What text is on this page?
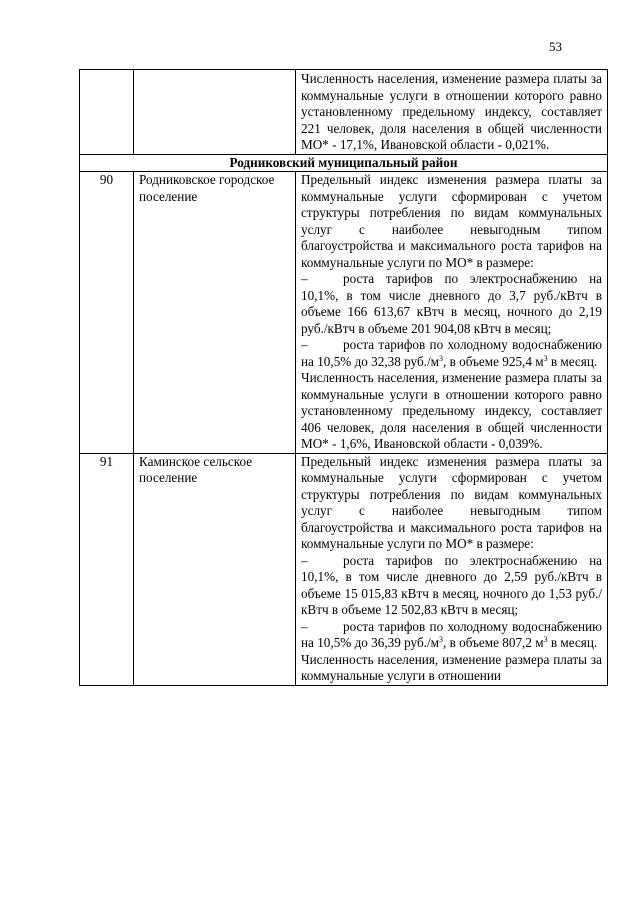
53

		Численность населения, изменение размера платы за коммунальные услуги в отношении которого равно установленному предельному индексу, составляет 221 человек, доля населения в общей численности МО* - 17,1%, Ивановской области - 0,021%.

Родниковский муниципальный район		
90	Родниковское городское поселение	Предельный индекс изменения размера платы за коммунальные услуги сформирован с учетом структуры потребления по видам коммунальных услуг с наиболее невыгодным типом благоустройства и максимального роста тарифов на коммунальные услуги по МО* в размере:

– роста тарифов по электроснабжению на 10,1%, в том числе дневного до 3,7 руб./кВтч в объеме 166 613,67 кВтч в месяц, ночного до 2,19 руб./кВтч в объеме 201 904,08 кВтч в месяц;

– роста тарифов по холодному водоснабжению на 10,5% до 32,38 $руб./м^3$, в объеме 925,4 $м^3$ в месяц.

Численность населения, изменение размера платы за коммунальные услуги в отношении которого равно установленному предельному индексу, составляет 406 человек, доля населения в общей численности МО* - 1,6%, Ивановской области - 0,039%.

91	Каминское сельское поселение	Предельный индекс изменения размера платы за коммунальные услуги сформирован с учетом структуры потребления по видам коммунальных услуг с наиболее невыгодным типом благоустройства и максимального роста тарифов на коммунальные услуги по МО* в размере:

– роста тарифов по электроснабжению на 10,1%, в том числе дневного до 2,59 руб./кВтч в объеме 15 015,83 кВтч в месяц, ночного до 1,53 руб./кВтч в объеме 12 502,83 кВтч в месяц;

– роста тарифов по холодному водоснабжению на 10,5% до 36,39 $руб./м^3$, в объеме 807,2 $м^3$ в месяц.

Численность населения, изменение размера платы за коммунальные услуги в отношении
